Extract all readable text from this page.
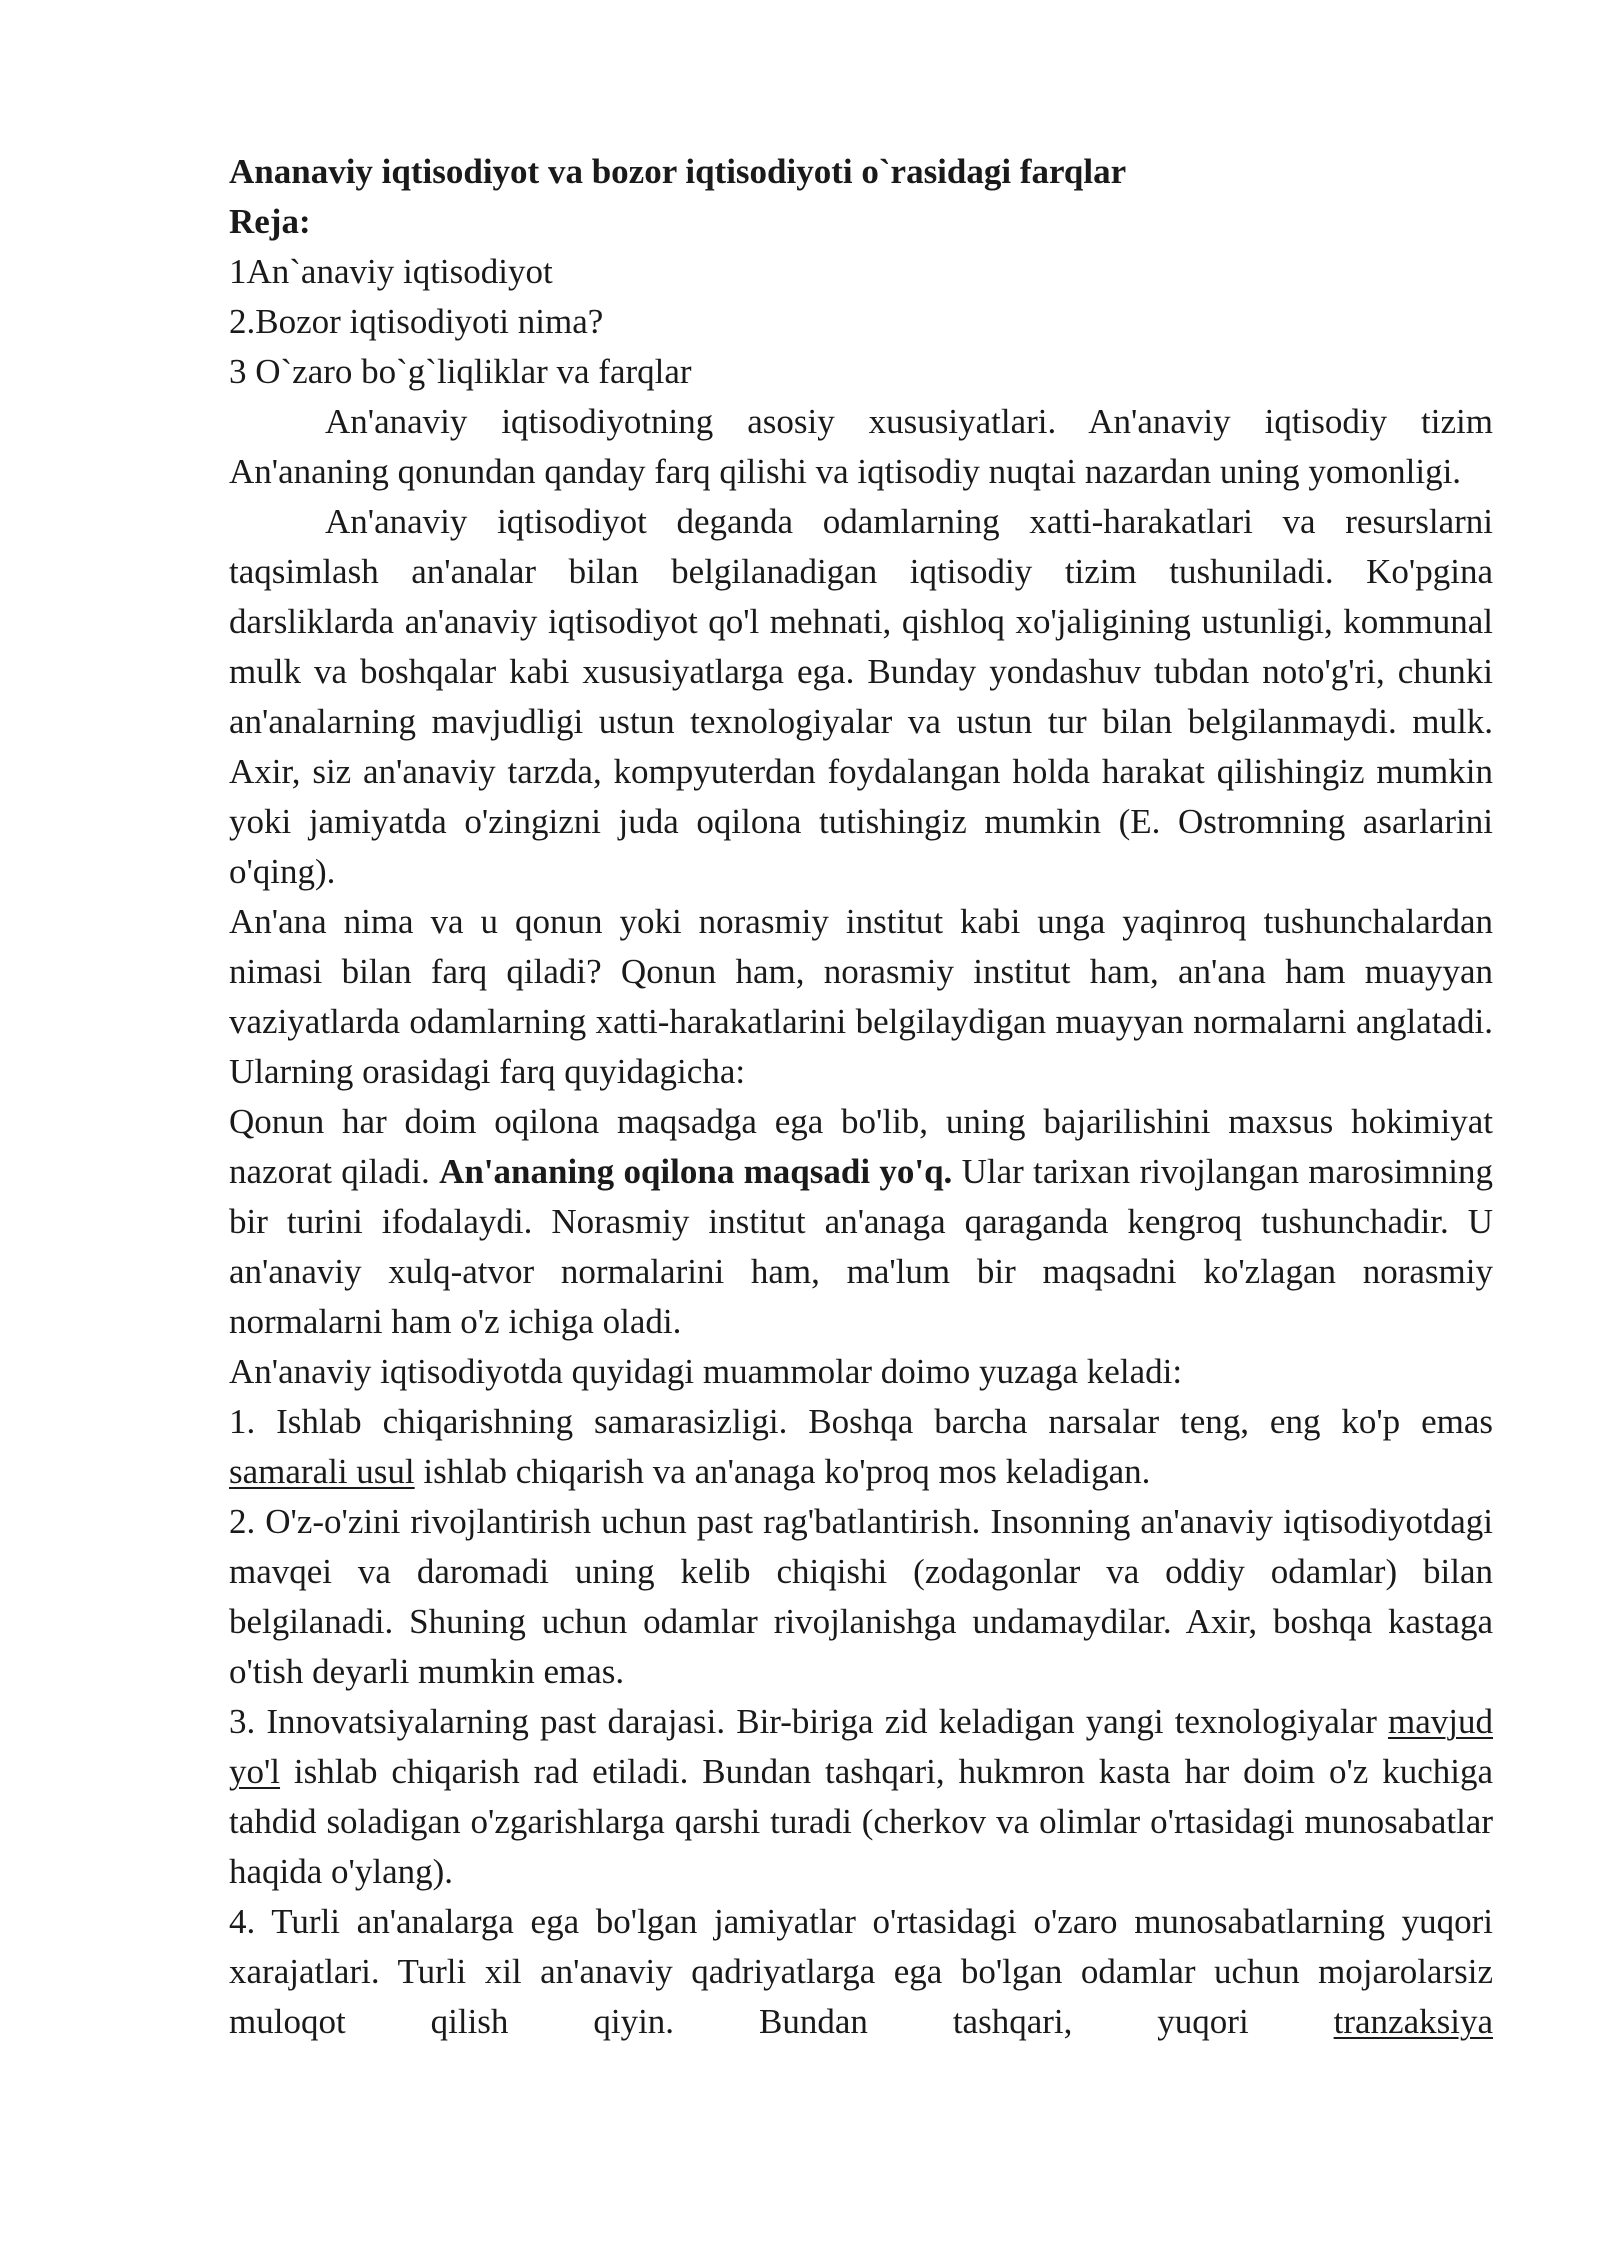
Ananaviy iqtisodiyot va bozor iqtisodiyoti o`rasidagi farqlar
Reja:
1An`anaviy iqtisodiyot
2.Bozor iqtisodiyoti nima?
3 O`zaro bo`g`liqliklar va farqlar

An'anaviy iqtisodiyotning asosiy xususiyatlari. An'anaviy iqtisodiy tizim An'ananing qonundan qanday farq qilishi va iqtisodiy nuqtai nazardan uning yomonligi.

An'anaviy iqtisodiyot deganda odamlarning xatti-harakatlari va resurslarni taqsimlash an'analar bilan belgilanadigan iqtisodiy tizim tushuniladi. Ko'pgina darsliklarda an'anaviy iqtisodiyot qo'l mehnati, qishloq xo'jaligining ustunligi, kommunal mulk va boshqalar kabi xususiyatlarga ega. Bunday yondashuv tubdan noto'g'ri, chunki an'analarning mavjudligi ustun texnologiyalar va ustun tur bilan belgilanmaydi. mulk. Axir, siz an'anaviy tarzda, kompyuterdan foydalangan holda harakat qilishingiz mumkin yoki jamiyatda o'zingizni juda oqilona tutishingiz mumkin (E. Ostromning asarlarini o'qing).

An'ana nima va u qonun yoki norasmiy institut kabi unga yaqinroq tushunchalardan nimasi bilan farq qiladi? Qonun ham, norasmiy institut ham, an'ana ham muayyan vaziyatlarda odamlarning xatti-harakatlarini belgilaydigan muayyan normalarni anglatadi. Ularning orasidagi farq quyidagicha:

Qonun har doim oqilona maqsadga ega bo'lib, uning bajarilishini maxsus hokimiyat nazorat qiladi. An'ananing oqilona maqsadi yo'q. Ular tarixan rivojlangan marosimning bir turini ifodalaydi. Norasmiy institut an'anaga qaraganda kengroq tushunchadir. U an'anaviy xulq-atvor normalarini ham, ma'lum bir maqsadni ko'zlagan norasmiy normalarni ham o'z ichiga oladi.

An'anaviy iqtisodiyotda quyidagi muammolar doimo yuzaga keladi:

1. Ishlab chiqarishning samarasizligi. Boshqa barcha narsalar teng, eng ko'p emas samarali usul ishlab chiqarish va an'anaga ko'proq mos keladigan.

2. O'z-o'zini rivojlantirish uchun past rag'batlantirish. Insonning an'anaviy iqtisodiyotdagi mavqei va daromadi uning kelib chiqishi (zodagonlar va oddiy odamlar) bilan belgilanadi. Shuning uchun odamlar rivojlanishga undamaydilar. Axir, boshqa kastaga o'tish deyarli mumkin emas.

3. Innovatsiyalarning past darajasi. Bir-biriga zid keladigan yangi texnologiyalar mavjud yo'l ishlab chiqarish rad etiladi. Bundan tashqari, hukmron kasta har doim o'z kuchiga tahdid soladigan o'zgarishlarga qarshi turadi (cherkov va olimlar o'rtasidagi munosabatlar haqida o'ylang).

4. Turli an'analarga ega bo'lgan jamiyatlar o'rtasidagi o'zaro munosabatlarning yuqori xarajatlari. Turli xil an'anaviy qadriyatlarga ega bo'lgan odamlar uchun mojarolarsiz muloqot qilish qiyin. Bundan tashqari, yuqori tranzaksiya
